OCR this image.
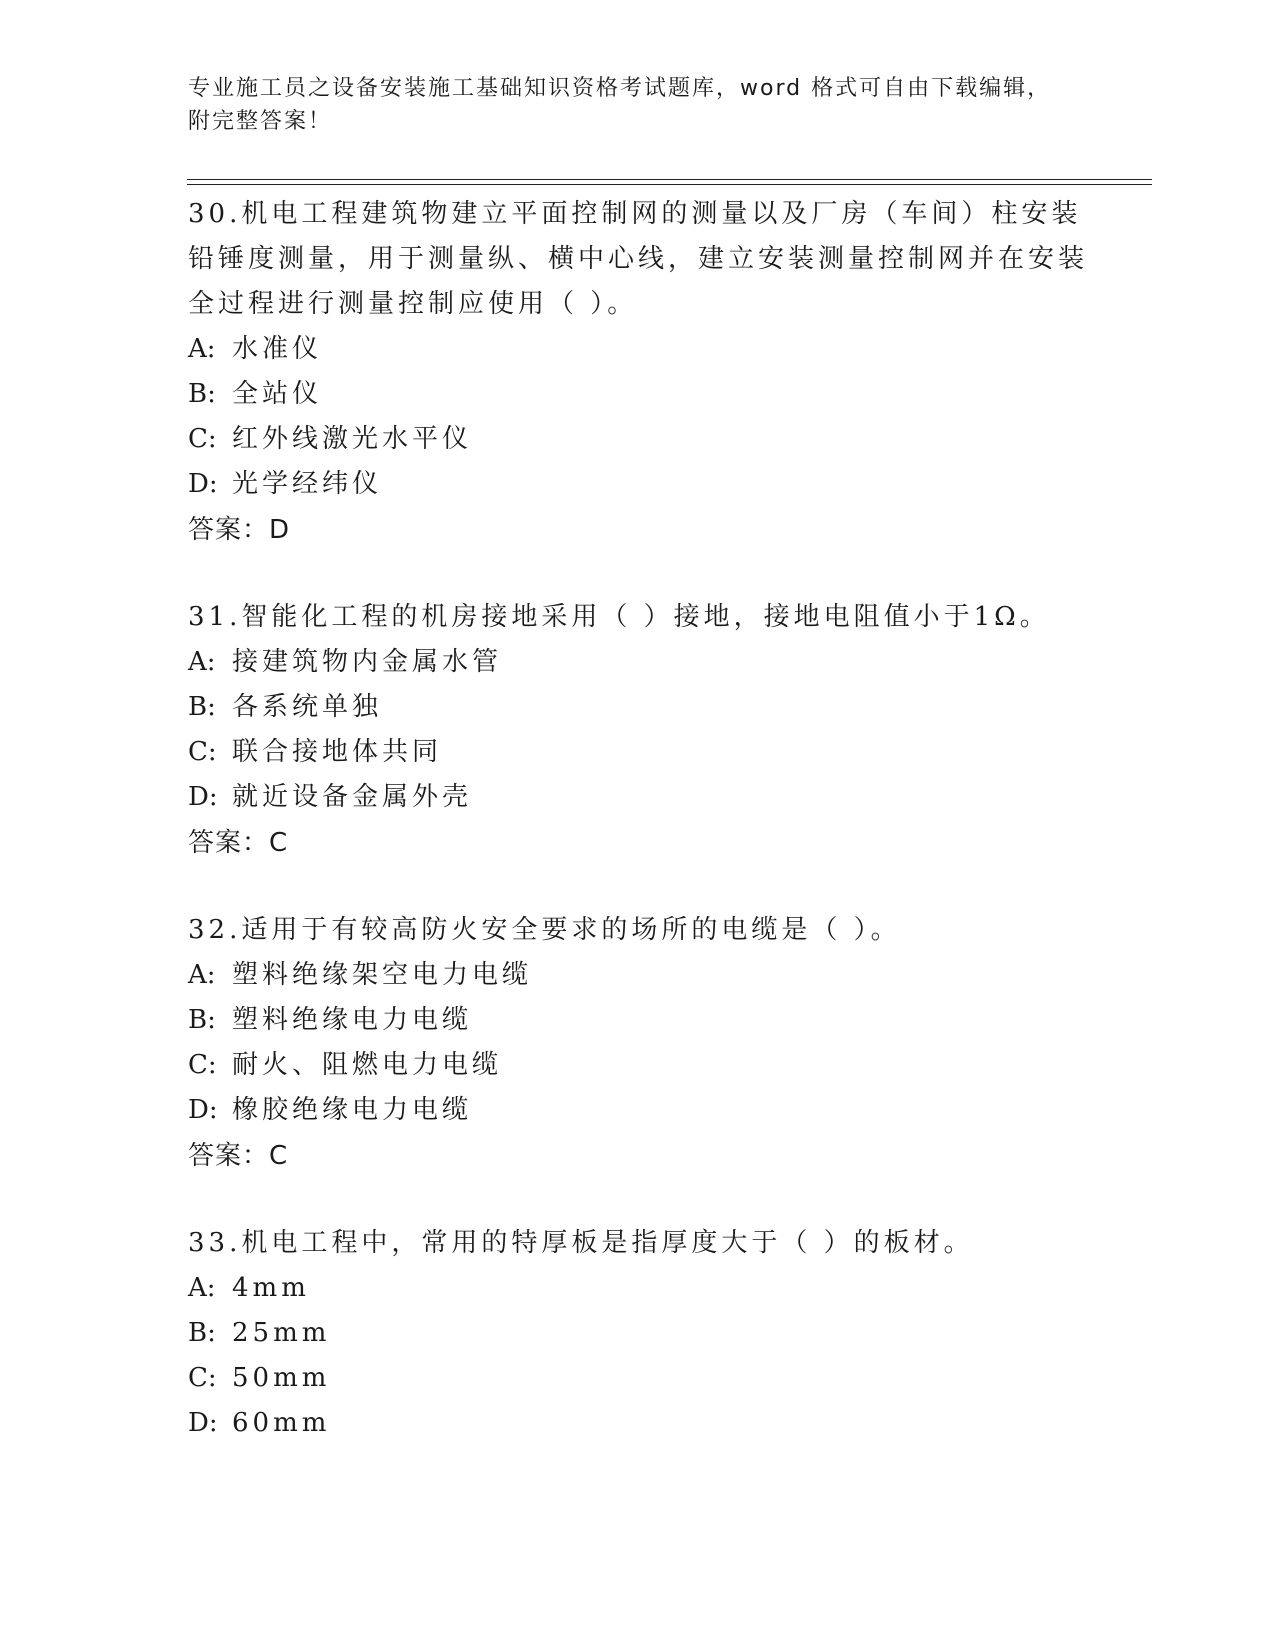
专业施工员之设备安装施工基础知识资格考试题库，word 格式可自由下载编辑，
附完整答案！

30.机电工程建筑物建立平面控制网的测量以及厂房（车间）柱安装铅锤度测量，用于测量纵、横中心线，建立安装测量控制网并在安装全过程进行测量控制应使用（ ）。

A: 水准仪

B: 全站仪

C: 红外线激光水平仪

D: 光学经纬仪

答案：D

31.智能化工程的机房接地采用（ ）接地，接地电阻值小于1Ω。

A: 接建筑物内金属水管

B: 各系统单独

C: 联合接地体共同

D: 就近设备金属外壳

答案：C

32.适用于有较高防火安全要求的场所的电缆是（ ）。

A: 塑料绝缘架空电力电缆

B: 塑料绝缘电力电缆

C: 耐火、阻燃电力电缆

D: 橡胶绝缘电力电缆

答案：C

33.机电工程中，常用的特厚板是指厚度大于（ ）的板材。

A: 4mm

B: 25mm

C: 50mm

D: 60mm
